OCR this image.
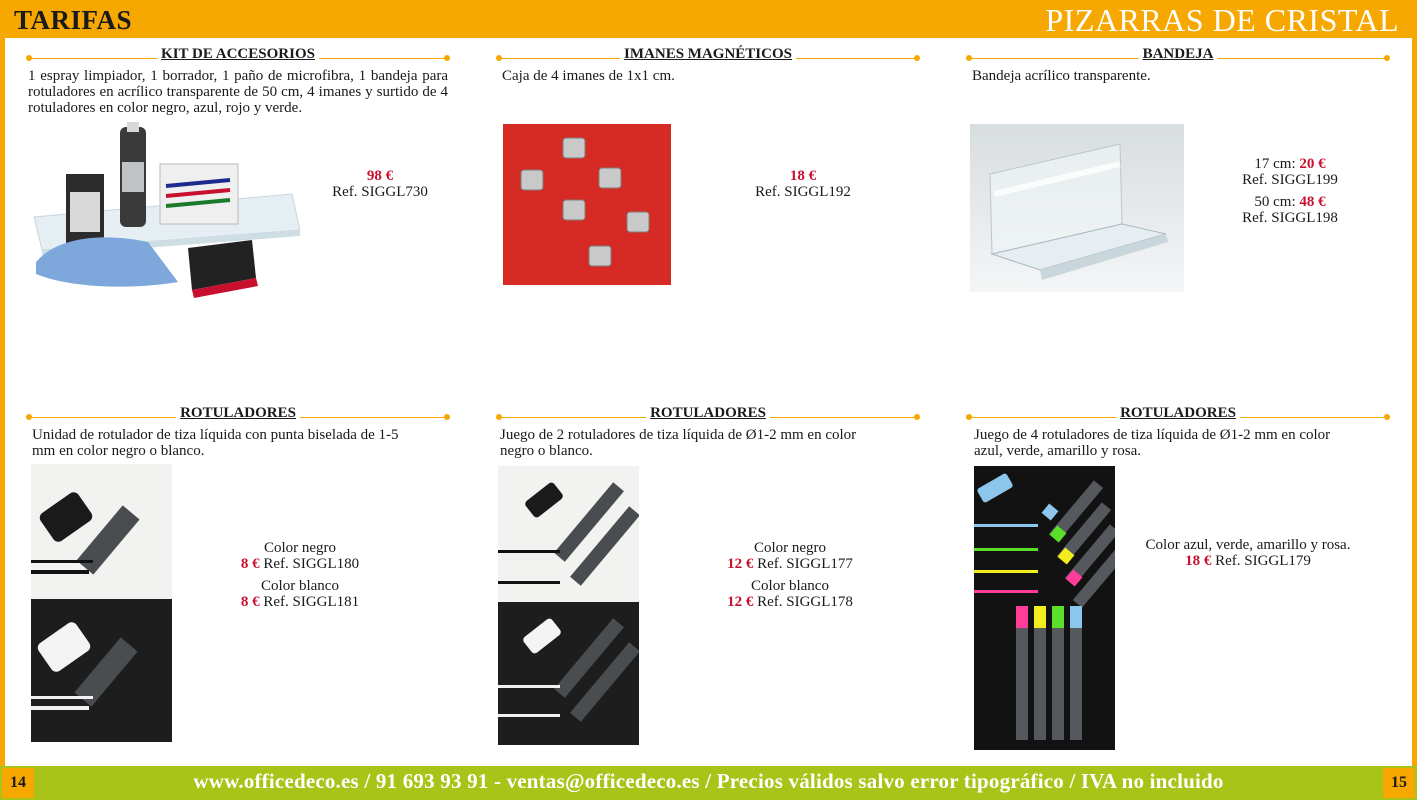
TARIFAS	PIZARRAS DE CRISTAL
www.officedeco.es / 91 693 93 91 - ventas@officedeco.es / Precios válidos salvo error tipográfico / IVA no incluido
14	15
KIT DE ACCESORIOS
1 espray limpiador, 1 borrador, 1 paño de microfibra, 1 bandeja para rotuladores en acrílico transparente de 50 cm, 4 imanes y surtido de 4 rotuladores en color negro, azul, rojo y verde.
98 €
Ref. SIGGL730
IMANES MAGNÉTICOS
Caja de 4 imanes de 1x1 cm.
18 €
Ref. SIGGL192
BANDEJA
Bandeja acrílico transparente.
17 cm: 20 €
Ref. SIGGL199
50 cm: 48 €
Ref. SIGGL198
ROTULADORES
Unidad de rotulador de tiza líquida con punta biselada de 1-5 mm en color negro o blanco.
Color negro
8 € Ref. SIGGL180
Color blanco
8 € Ref. SIGGL181
ROTULADORES
Juego de 2 rotuladores de tiza líquida de Ø1-2 mm en color negro o blanco.
Color negro
12 € Ref. SIGGL177
Color blanco
12 € Ref. SIGGL178
ROTULADORES
Juego de 4 rotuladores de tiza líquida de Ø1-2 mm en color azul, verde, amarillo y rosa.
Color azul, verde, amarillo y rosa.
18 € Ref. SIGGL179
